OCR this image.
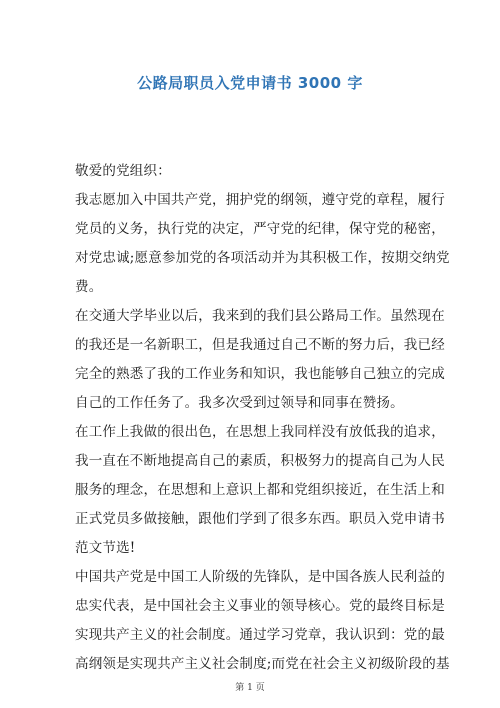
公路局职员入党申请书 3000 字
敬爱的党组织：
我志愿加入中国共产党，拥护党的纲领，遵守党的章程，履行
党员的义务，执行党的决定，严守党的纪律，保守党的秘密，
对党忠诚;愿意参加党的各项活动并为其积极工作，按期交纳党
费。
在交通大学毕业以后，我来到的我们县公路局工作。虽然现在
的我还是一名新职工，但是我通过自己不断的努力后，我已经
完全的熟悉了我的工作业务和知识，我也能够自己独立的完成
自己的工作任务了。我多次受到过领导和同事在赞扬。
在工作上我做的很出色，在思想上我同样没有放低我的追求，
我一直在不断地提高自己的素质，积极努力的提高自己为人民
服务的理念，在思想和上意识上都和党组织接近，在生活上和
正式党员多做接触，跟他们学到了很多东西。职员入党申请书
范文节选!
中国共产党是中国工人阶级的先锋队，是中国各族人民利益的
忠实代表，是中国社会主义事业的领导核心。党的最终目标是
实现共产主义的社会制度。通过学习党章，我认识到：党的最
高纲领是实现共产主义社会制度;而党在社会主义初级阶段的基
第 1 页
